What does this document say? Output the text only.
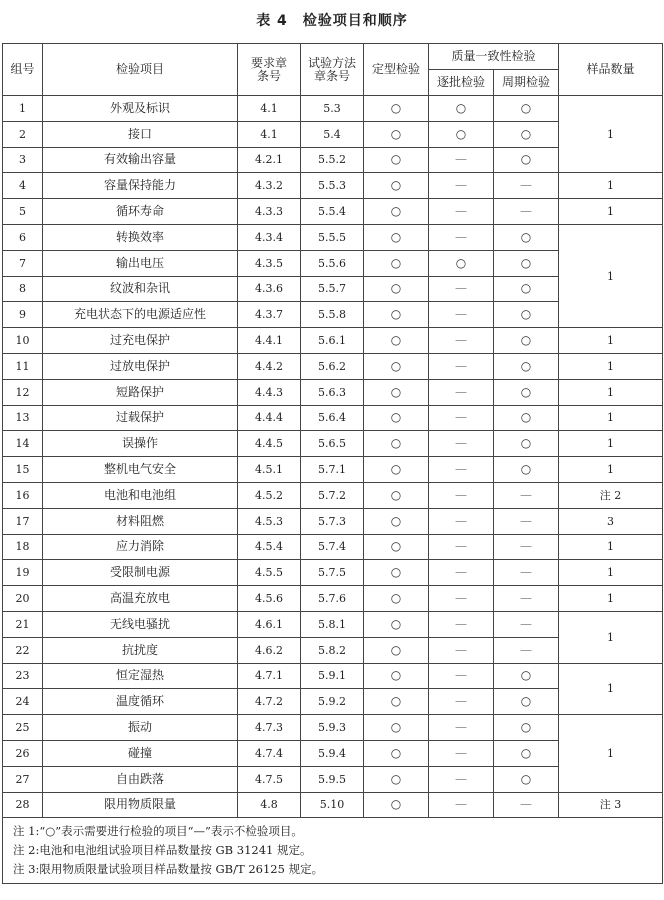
表 4　检验项目和顺序
组号	检验项目	要求章条号	试验方法章条号	定型检验	质量一致性检验		样品数量
					逐批检验	周期检验	
1	外观及标识	4.1	5.3	○	○	○	1
2	接口	4.1	5.4	○	○	○	
3	有效输出容量	4.2.1	5.5.2	○	—	○	
4	容量保持能力	4.3.2	5.5.3	○	—	—	1
5	循环寿命	4.3.3	5.5.4	○	—	—	1
6	转换效率	4.3.4	5.5.5	○	—	○	1
7	输出电压	4.3.5	5.5.6	○	○	○	
8	纹波和杂讯	4.3.6	5.5.7	○	—	○	
9	充电状态下的电源适应性	4.3.7	5.5.8	○	—	○	
10	过充电保护	4.4.1	5.6.1	○	—	○	1
11	过放电保护	4.4.2	5.6.2	○	—	○	1
12	短路保护	4.4.3	5.6.3	○	—	○	1
13	过载保护	4.4.4	5.6.4	○	—	○	1
14	误操作	4.4.5	5.6.5	○	—	○	1
15	整机电气安全	4.5.1	5.7.1	○	—	○	1
16	电池和电池组	4.5.2	5.7.2	○	—	—	注 2
17	材料阻燃	4.5.3	5.7.3	○	—	—	3
18	应力消除	4.5.4	5.7.4	○	—	—	1
19	受限制电源	4.5.5	5.7.5	○	—	—	1
20	高温充放电	4.5.6	5.7.6	○	—	—	1
21	无线电骚扰	4.6.1	5.8.1	○	—	—	1
22	抗扰度	4.6.2	5.8.2	○	—	—	
23	恒定湿热	4.7.1	5.9.1	○	—	○	1
24	温度循环	4.7.2	5.9.2	○	—	○	
25	振动	4.7.3	5.9.3	○	—	○	1
26	碰撞	4.7.4	5.9.4	○	—	○	
27	自由跌落	4.7.5	5.9.5	○	—	○	
28	限用物质限量	4.8	5.10	○	—	—	注 3

注 1:“○”表示需要进行检验的项目“—”表示不检验项目。
注 2:电池和电池组试验项目样品数量按 GB 31241 规定。
注 3:限用物质限量试验项目样品数量按 GB/T 26125 规定。							
